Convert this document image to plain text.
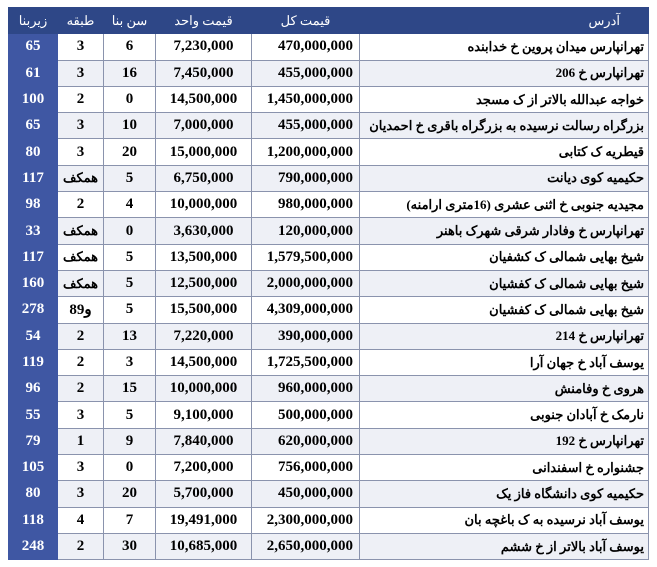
زیربنا	طبقه	سن بنا	قیمت واحد	قیمت کل	آدرس
65	3	6	7,230,000	470,000,000	تهرانپارس میدان پروین خ خدابنده
61	3	16	7,450,000	455,000,000	تهرانپارس خ 206
100	2	0	14,500,000	1,450,000,000	خواجه عبدالله بالاتر از ک مسجد
65	3	10	7,000,000	455,000,000	بزرگراه رسالت نرسیده به بزرگراه باقری خ احمدیان
80	3	20	15,000,000	1,200,000,000	قیطریه ک کتابی
117	همکف	5	6,750,000	790,000,000	حکیمیه کوی دیانت
98	2	4	10,000,000	980,000,000	مجیدیه جنوبی خ اثنی عشری (16متری ارامنه)
33	همکف	0	3,630,000	120,000,000	تهرانپارس خ وفادار شرقی شهرک باهنر
117	همکف	5	13,500,000	1,579,500,000	شیخ بهایی شمالی ک کشفیان
160	همکف	5	12,500,000	2,000,000,000	شیخ بهایی شمالی ک کفشیان
278	8و9	5	15,500,000	4,309,000,000	شیخ بهایی شمالی ک کفشیان
54	2	13	7,220,000	390,000,000	تهرانپارس خ 214
119	2	3	14,500,000	1,725,500,000	یوسف آباد خ جهان آرا
96	2	15	10,000,000	960,000,000	هروی خ وفامنش
55	3	5	9,100,000	500,000,000	نارمک خ آبادان جنوبی
79	1	9	7,840,000	620,000,000	تهرانپارس خ 192
105	3	0	7,200,000	756,000,000	جشنواره خ اسفندانی
80	3	20	5,700,000	450,000,000	حکیمیه کوی دانشگاه فاز یک
118	4	7	19,491,000	2,300,000,000	یوسف آباد نرسیده به ک باغچه بان
248	2	30	10,685,000	2,650,000,000	یوسف آباد بالاتر از خ ششم
